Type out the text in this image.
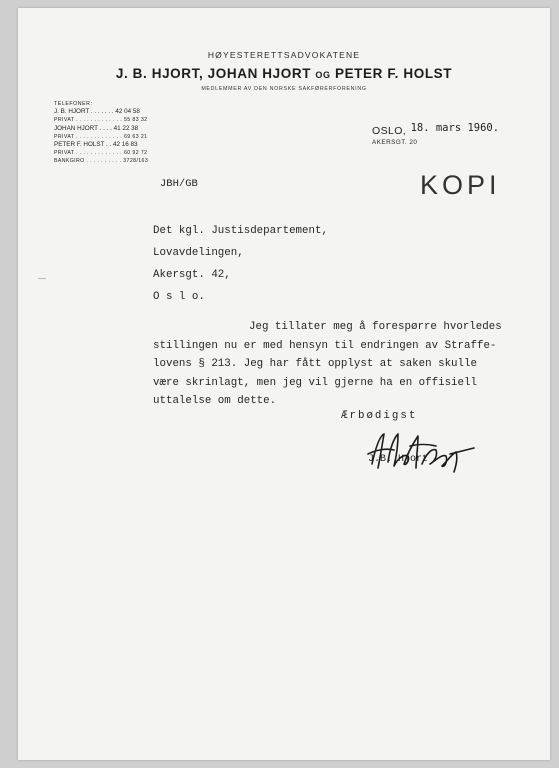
HØYESTERETTSADVOKATENE
J. B. HJORT, JOHAN HJORT OG PETER F. HOLST
MEDLEMMER AV DEN NORSKE SAKFØRERFORENING
TELEFONER:
J. B. HJORT . . . . . . . 42 04 58
PRIVAT . . . . . . . . . . . . . 55 83 32
JOHAN HJORT . . . . 41 22 38
PRIVAT . . . . . . . . . . . . . 69 63 21
PETER F. HOLST . . 42 16 83
PRIVAT . . . . . . . . . . . . . 60 92 72
BANKGIRO . . . . . . . . . . 3728/163
OSLO, 18. mars 1960.
AKERSGT. 20
JBH/GB	KOPI
Det kgl. Justisdepartement,
Lovavdelingen,
Akersgt. 42,
O s l o.
Jeg tillater meg å forespørre hvorledes
stillingen nu er med hensyn til endringen av Straffe-
lovens § 213. Jeg har fått opplyst at saken skulle
være skrinlagt, men jeg vil gjerne ha en offisiell
uttalelse om dette.
Ærbødigst
J.B. Hjort
